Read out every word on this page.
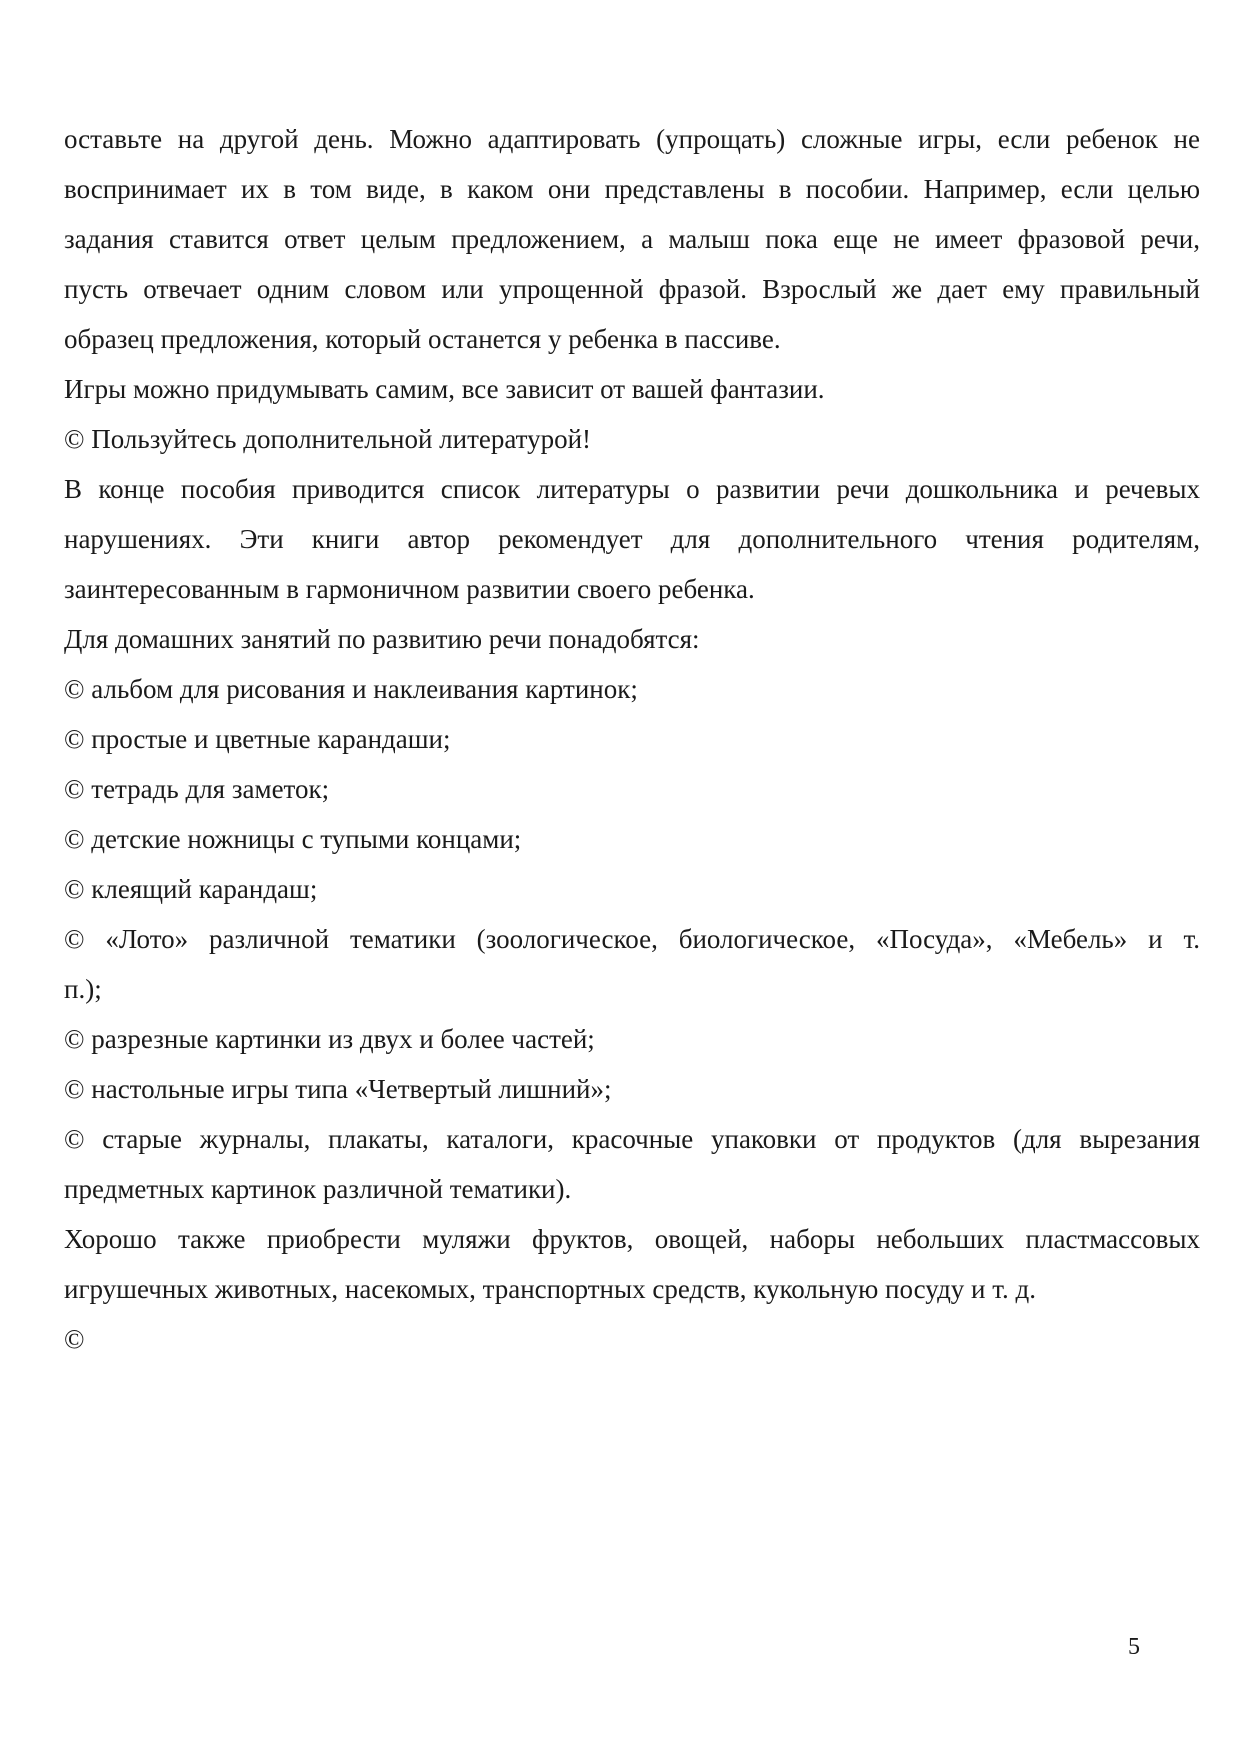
оставьте на другой день. Можно адаптировать (упрощать) сложные игры, если ребенок не
воспринимает их в том виде, в каком они представлены в пособии. Например, если целью
задания ставится ответ целым предложением, а малыш пока еще не имеет фразовой речи,
пусть отвечает одним словом или упрощенной фразой. Взрослый же дает ему правильный
образец предложения, который останется у ребенка в пассиве.
Игры можно придумывать самим, все зависит от вашей фантазии.
© Пользуйтесь дополнительной литературой!
В конце пособия приводится список литературы о развитии речи дошкольника и речевых
нарушениях. Эти книги автор рекомендует для дополнительного чтения родителям,
заинтересованным в гармоничном развитии своего ребенка.
Для домашних занятий по развитию речи понадобятся:
© альбом для рисования и наклеивания картинок;
© простые и цветные карандаши;
© тетрадь для заметок;
© детские ножницы с тупыми концами;
© клеящий карандаш;
© «Лото» различной тематики (зоологическое, биологическое, «Посуда», «Мебель» и т.
п.);
© разрезные картинки из двух и более частей;
© настольные игры типа «Четвертый лишний»;
© старые журналы, плакаты, каталоги, красочные упаковки от продуктов (для вырезания
предметных картинок различной тематики).
Хорошо также приобрести муляжи фруктов, овощей, наборы небольших пластмассовых
игрушечных животных, насекомых, транспортных средств, кукольную посуду и т. д.
©
5
